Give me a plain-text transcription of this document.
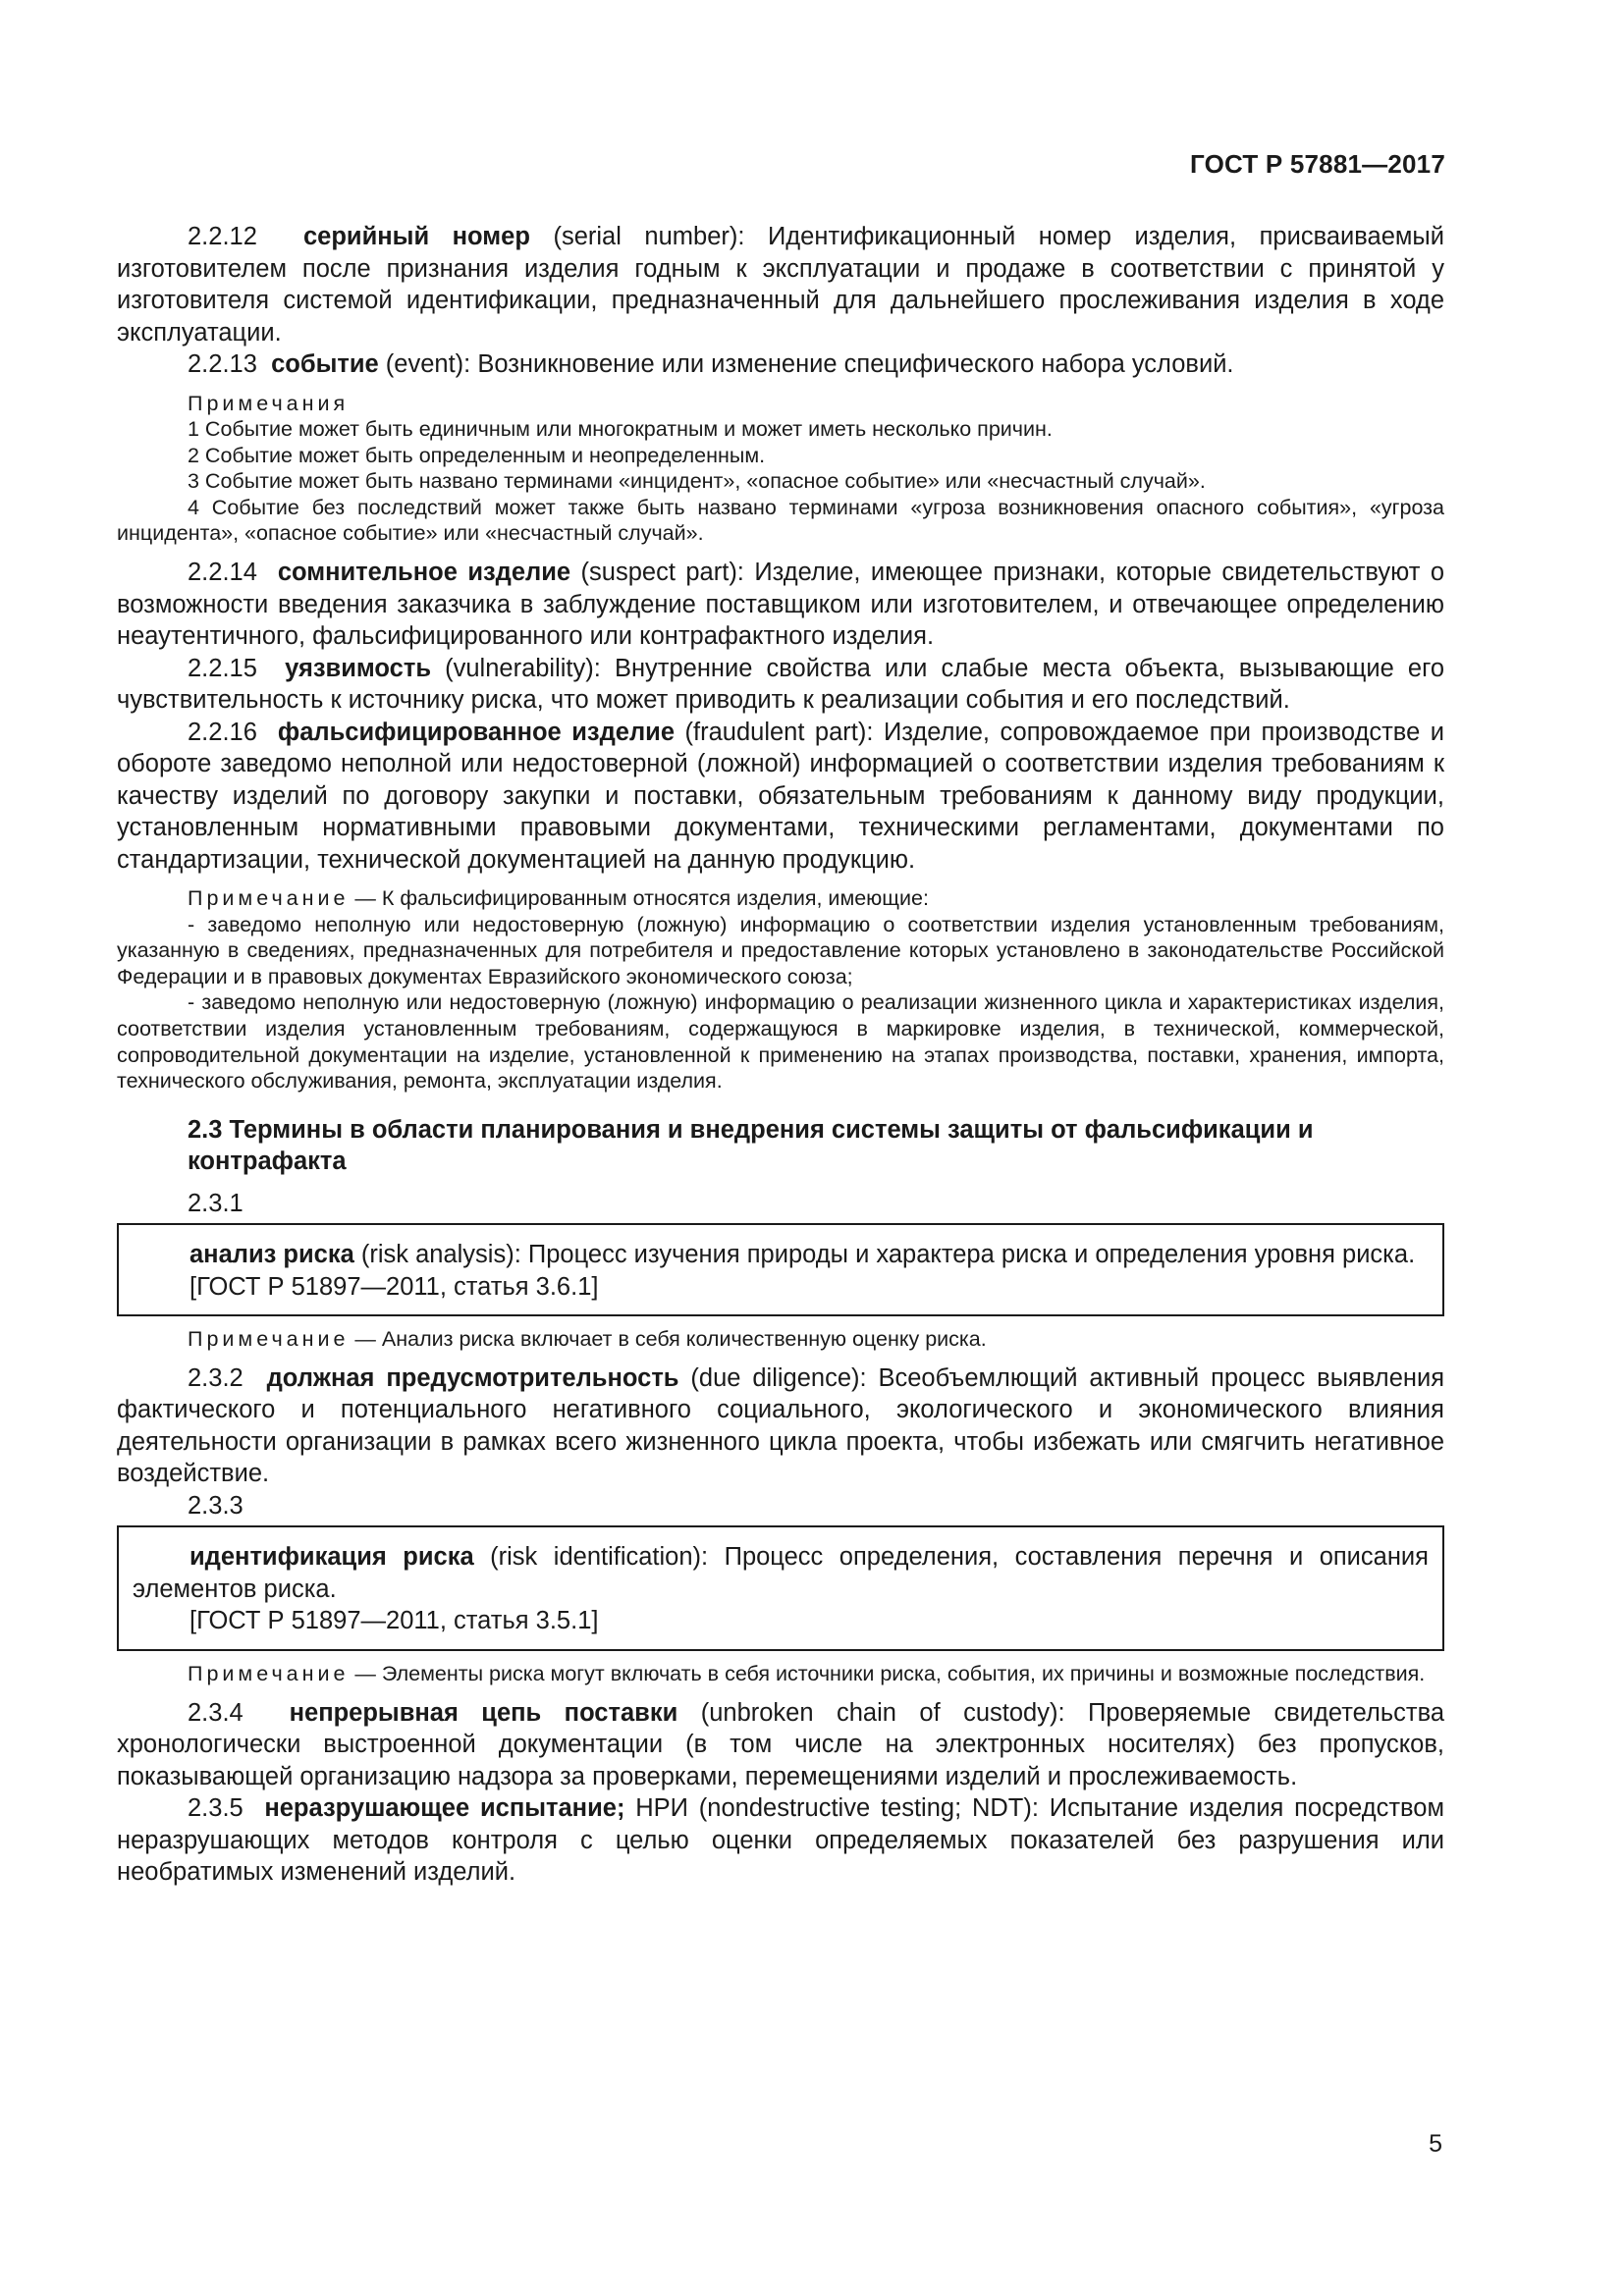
ГОСТ Р 57881—2017

2.2.12 серийный номер (serial number): Идентификационный номер изделия, присваиваемый изготовителем после признания изделия годным к эксплуатации и продаже в соответствии с принятой у изготовителя системой идентификации, предназначенный для дальнейшего прослеживания изделия в ходе эксплуатации.

2.2.13 событие (event): Возникновение или изменение специфического набора условий.

Примечания

1 Событие может быть единичным или многократным и может иметь несколько причин.

2 Событие может быть определенным и неопределенным.

3 Событие может быть названо терминами «инцидент», «опасное событие» или «несчастный случай».

4 Событие без последствий может также быть названо терминами «угроза возникновения опасного события», «угроза инцидента», «опасное событие» или «несчастный случай».

2.2.14 сомнительное изделие (suspect part): Изделие, имеющее признаки, которые свидетельствуют о возможности введения заказчика в заблуждение поставщиком или изготовителем, и отвечающее определению неаутентичного, фальсифицированного или контрафактного изделия.

2.2.15 уязвимость (vulnerability): Внутренние свойства или слабые места объекта, вызывающие его чувствительность к источнику риска, что может приводить к реализации события и его последствий.

2.2.16 фальсифицированное изделие (fraudulent part): Изделие, сопровождаемое при производстве и обороте заведомо неполной или недостоверной (ложной) информацией о соответствии изделия требованиям к качеству изделий по договору закупки и поставки, обязательным требованиям к данному виду продукции, установленным нормативными правовыми документами, техническими регламентами, документами по стандартизации, технической документацией на данную продукцию.

Примечание — К фальсифицированным относятся изделия, имеющие:

- заведомо неполную или недостоверную (ложную) информацию о соответствии изделия установленным требованиям, указанную в сведениях, предназначенных для потребителя и предоставление которых установлено в законодательстве Российской Федерации и в правовых документах Евразийского экономического союза;

- заведомо неполную или недостоверную (ложную) информацию о реализации жизненного цикла и характеристиках изделия, соответствии изделия установленным требованиям, содержащуюся в маркировке изделия, в технической, коммерческой, сопроводительной документации на изделие, установленной к применению на этапах производства, поставки, хранения, импорта, технического обслуживания, ремонта, эксплуатации изделия.

2.3 Термины в области планирования и внедрения системы защиты от фальсификации и контрафакта

2.3.1

анализ риска (risk analysis): Процесс изучения природы и характера риска и определения уровня риска.

[ГОСТ Р 51897—2011, статья 3.6.1]

Примечание — Анализ риска включает в себя количественную оценку риска.

2.3.2 должная предусмотрительность (due diligence): Всеобъемлющий активный процесс выявления фактического и потенциального негативного социального, экологического и экономического влияния деятельности организации в рамках всего жизненного цикла проекта, чтобы избежать или смягчить негативное воздействие.

2.3.3

идентификация риска (risk identification): Процесс определения, составления перечня и описания элементов риска.

[ГОСТ Р 51897—2011, статья 3.5.1]

Примечание — Элементы риска могут включать в себя источники риска, события, их причины и возможные последствия.

2.3.4 непрерывная цепь поставки (unbroken chain of custody): Проверяемые свидетельства хронологически выстроенной документации (в том числе на электронных носителях) без пропусков, показывающей организацию надзора за проверками, перемещениями изделий и прослеживаемость.

2.3.5 неразрушающее испытание; НРИ (nondestructive testing; NDT): Испытание изделия посредством неразрушающих методов контроля с целью оценки определяемых показателей без разрушения или необратимых изменений изделий.

5
